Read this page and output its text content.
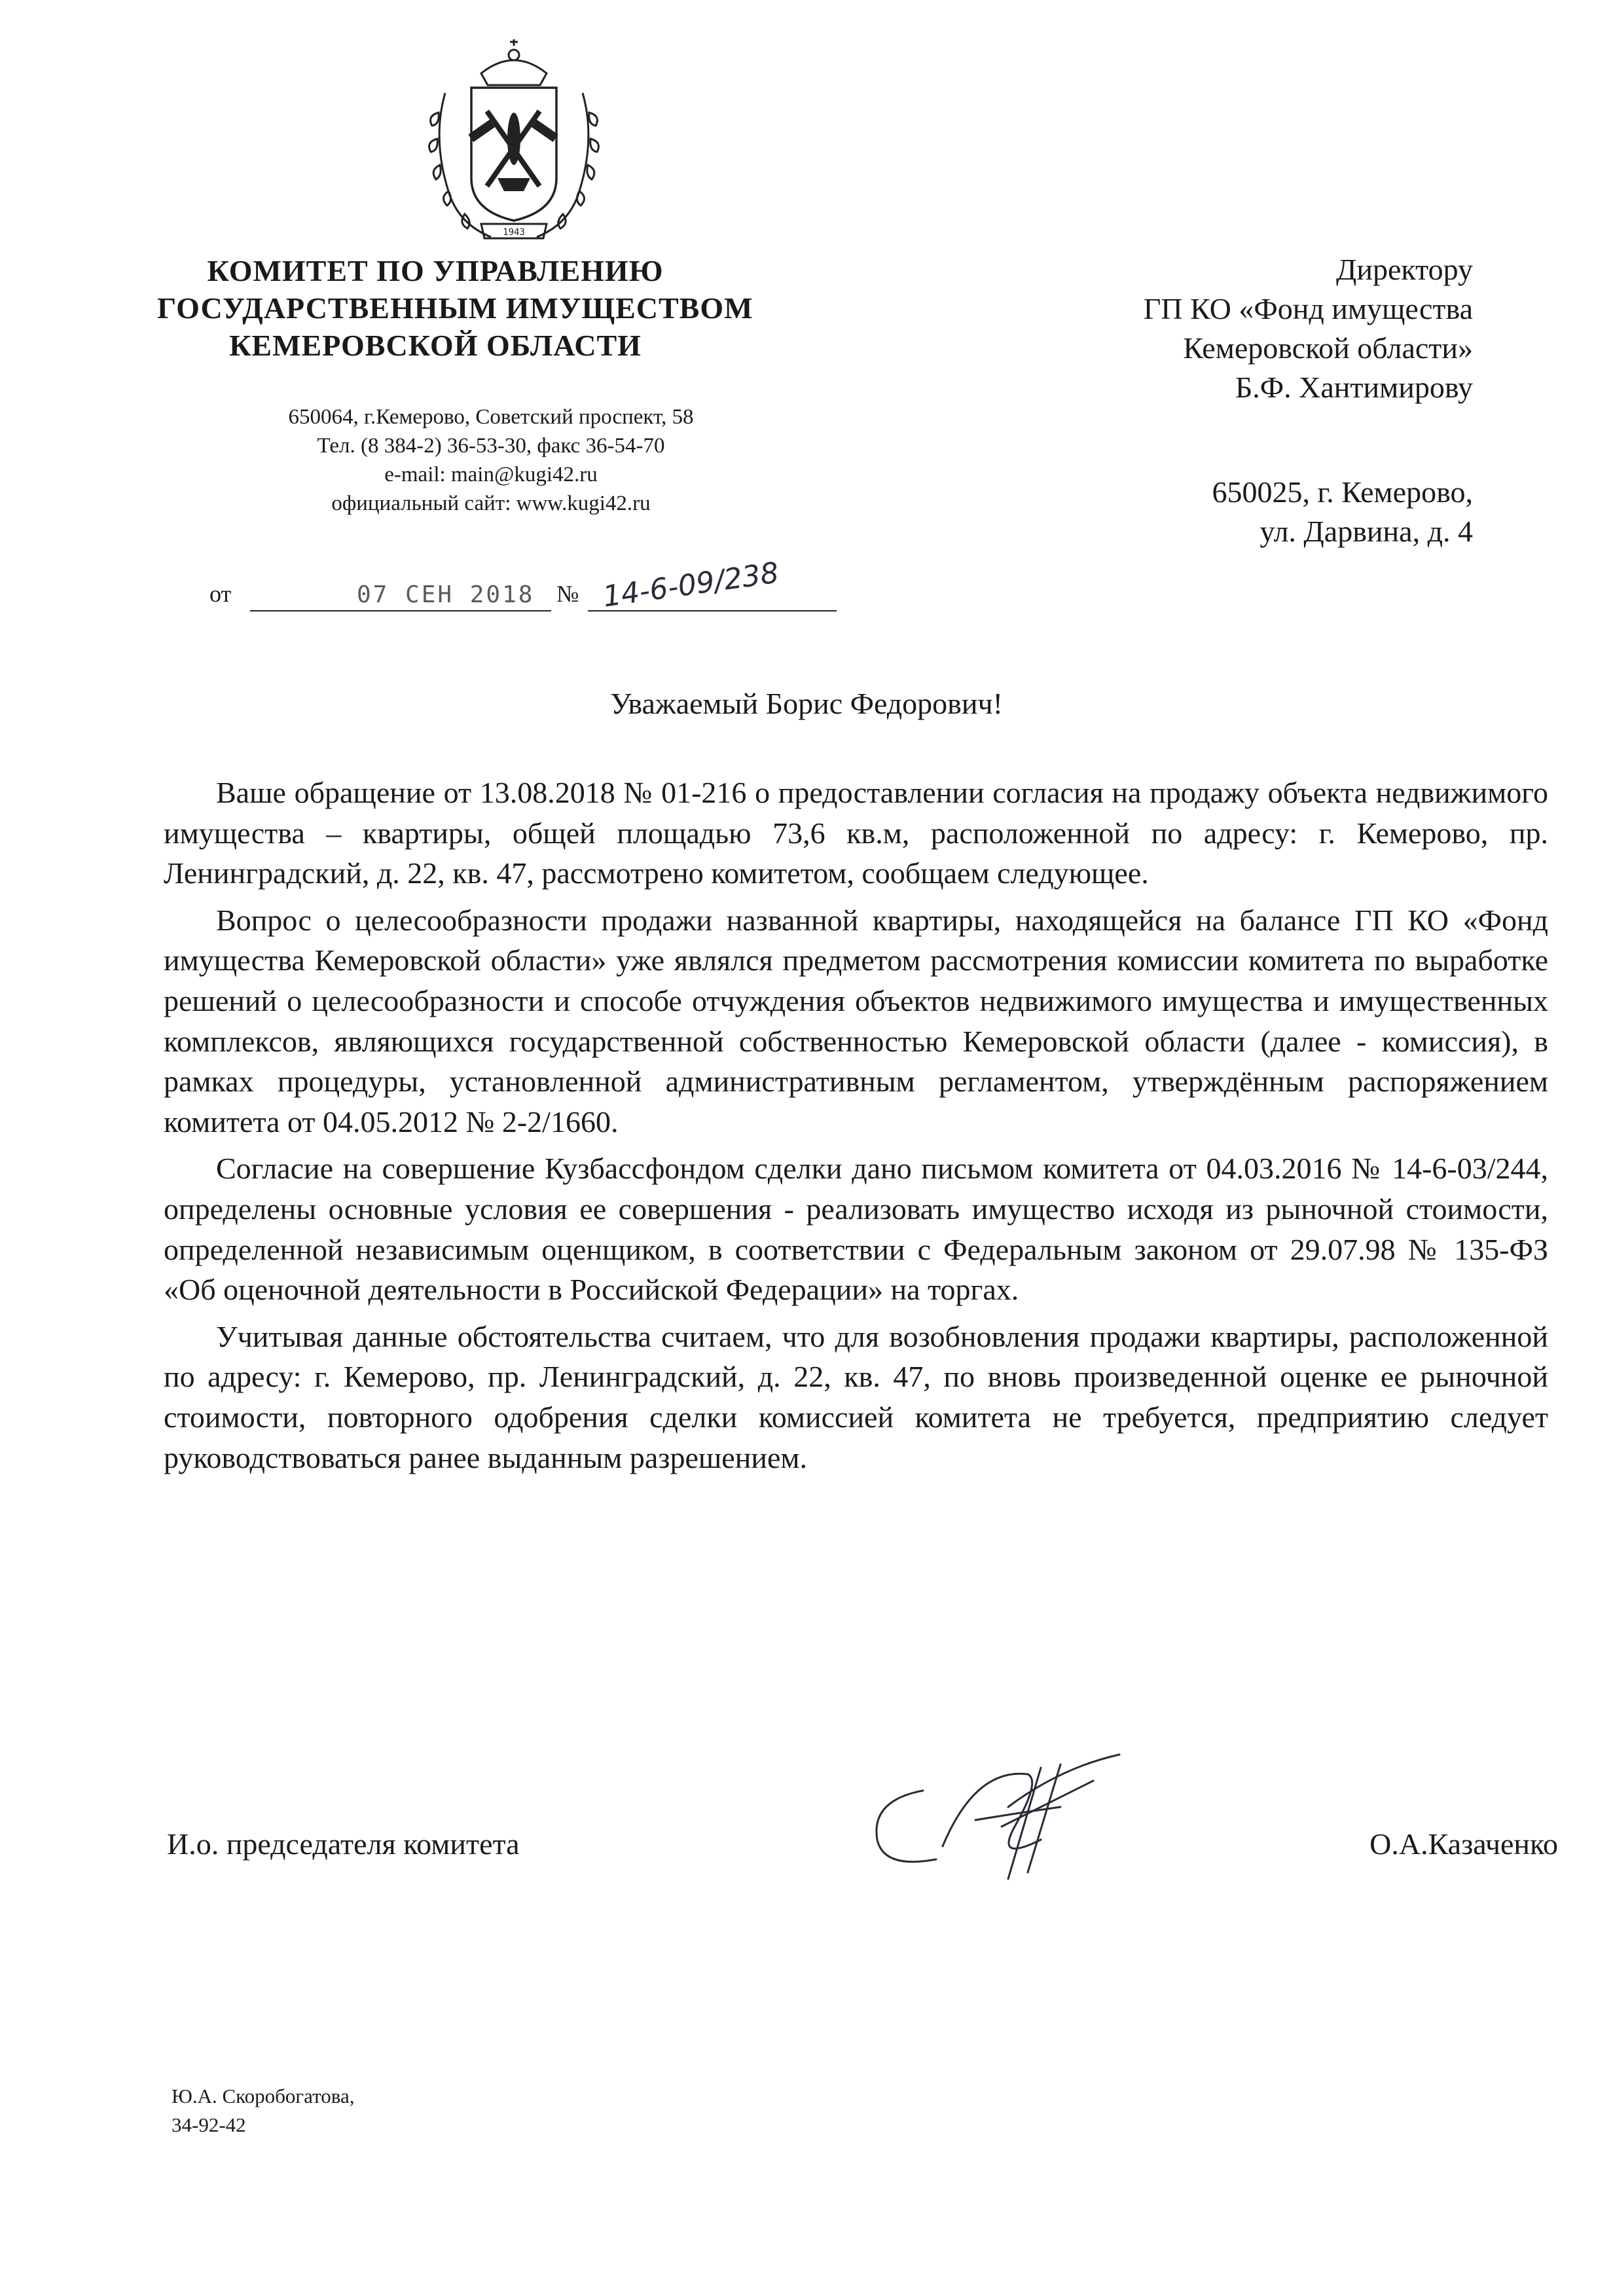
1943
КОМИТЕТ ПО УПРАВЛЕНИЮ
ГОСУДАРСТВЕННЫМ ИМУЩЕСТВОМ
КЕМЕРОВСКОЙ ОБЛАСТИ
650064, г.Кемерово, Советский проспект, 58
Тел. (8 384-2) 36-53-30, факс 36-54-70
e-mail: main@kugi42.ru
официальный сайт: www.kugi42.ru
Директору
ГП КО «Фонд имущества
Кемеровской области»
Б.Ф. Хантимирову
650025, г. Кемерово,
ул. Дарвина, д. 4
от	07 СЕН 2018 № 14-6-09/238
Уважаемый Борис Федорович!

Ваше обращение от 13.08.2018 № 01-216 о предоставлении согласия на продажу объекта недвижимого имущества – квартиры, общей площадью 73,6 кв.м, расположенной по адресу: г. Кемерово, пр. Ленинградский, д. 22, кв. 47, рассмотрено комитетом, сообщаем следующее.

Вопрос о целесообразности продажи названной квартиры, находящейся на балансе ГП КО «Фонд имущества Кемеровской области» уже являлся предметом рассмотрения комиссии комитета по выработке решений о целесообразности и способе отчуждения объектов недвижимого имущества и имущественных комплексов, являющихся государственной собственностью Кемеровской области (далее - комиссия), в рамках процедуры, установленной административным регламентом, утверждённым распоряжением комитета от 04.05.2012 № 2-2/1660.

Согласие на совершение Кузбассфондом сделки дано письмом комитета от 04.03.2016 № 14-6-03/244, определены основные условия ее совершения - реализовать имущество исходя из рыночной стоимости, определенной независимым оценщиком, в соответствии с Федеральным законом от 29.07.98 № 135-ФЗ «Об оценочной деятельности в Российской Федерации» на торгах.

Учитывая данные обстоятельства считаем, что для возобновления продажи квартиры, расположенной по адресу: г. Кемерово, пр. Ленинградский, д. 22, кв. 47, по вновь произведенной оценке ее рыночной стоимости, повторного одобрения сделки комиссией комитета не требуется, предприятию следует руководствоваться ранее выданным разрешением.

И.о. председателя комитета	О.А.Казаченко
Ю.А. Скоробогатова,
34-92-42
